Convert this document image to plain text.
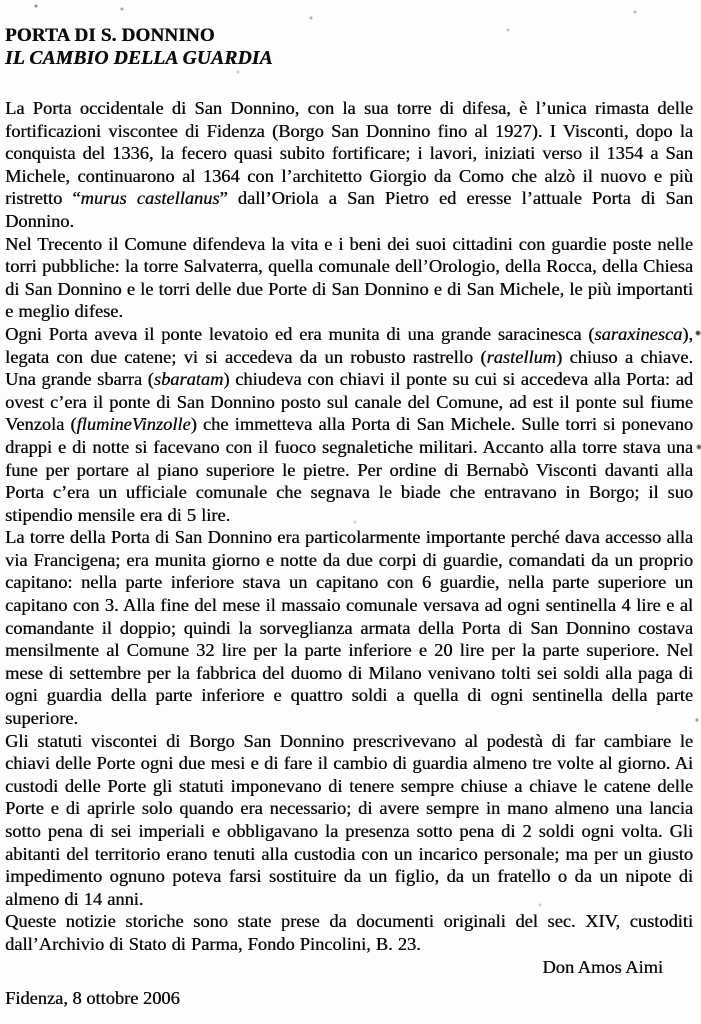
PORTA DI S. DONNINO
IL CAMBIO DELLA GUARDIA

La Porta occidentale di San Donnino, con la sua torre di difesa, è l’unica rimasta delle fortificazioni viscontee di Fidenza (Borgo San Donnino fino al 1927). I Visconti, dopo la conquista del 1336, la fecero quasi subito fortificare; i lavori, iniziati verso il 1354 a San Michele, continuarono al 1364 con l’architetto Giorgio da Como che alzò il nuovo e più ristretto “murus castellanus” dall’Oriola a San Pietro ed eresse l’attuale Porta di San Donnino.

Nel Trecento il Comune difendeva la vita e i beni dei suoi cittadini con guardie poste nelle torri pubbliche: la torre Salvaterra, quella comunale dell’Orologio, della Rocca, della Chiesa di San Donnino e le torri delle due Porte di San Donnino e di San Michele, le più importanti e meglio difese.

Ogni Porta aveva il ponte levatoio ed era munita di una grande saracinesca (saraxinesca), legata con due catene; vi si accedeva da un robusto rastrello (rastellum) chiuso a chiave. Una grande sbarra (sbaratam) chiudeva con chiavi il ponte su cui si accedeva alla Porta: ad ovest c’era il ponte di San Donnino posto sul canale del Comune, ad est il ponte sul fiume Venzola (flumineVinzolle) che immetteva alla Porta di San Michele. Sulle torri si ponevano drappi e di notte si facevano con il fuoco segnaletiche militari. Accanto alla torre stava una fune per portare al piano superiore le pietre. Per ordine di Bernabò Visconti davanti alla Porta c’era un ufficiale comunale che segnava le biade che entravano in Borgo; il suo stipendio mensile era di 5 lire.

La torre della Porta di San Donnino era particolarmente importante perché dava accesso alla via Francigena; era munita giorno e notte da due corpi di guardie, comandati da un proprio capitano: nella parte inferiore stava un capitano con 6 guardie, nella parte superiore un capitano con 3. Alla fine del mese il massaio comunale versava ad ogni sentinella 4 lire e al comandante il doppio; quindi la sorveglianza armata della Porta di San Donnino costava mensilmente al Comune 32 lire per la parte inferiore e 20 lire per la parte superiore. Nel mese di settembre per la fabbrica del duomo di Milano venivano tolti sei soldi alla paga di ogni guardia della parte inferiore e quattro soldi a quella di ogni sentinella della parte superiore.

Gli statuti viscontei di Borgo San Donnino prescrivevano al podestà di far cambiare le chiavi delle Porte ogni due mesi e di fare il cambio di guardia almeno tre volte al giorno. Ai custodi delle Porte gli statuti imponevano di tenere sempre chiuse a chiave le catene delle Porte e di aprirle solo quando era necessario; di avere sempre in mano almeno una lancia sotto pena di sei imperiali e obbligavano la presenza sotto pena di 2 soldi ogni volta. Gli abitanti del territorio erano tenuti alla custodia con un incarico personale; ma per un giusto impedimento ognuno poteva farsi sostituire da un figlio, da un fratello o da un nipote di almeno di 14 anni.

Queste notizie storiche sono state prese da documenti originali del sec. XIV, custoditi dall’Archivio di Stato di Parma, Fondo Pincolini, B. 23.

Don Amos Aimi

Fidenza, 8 ottobre 2006
